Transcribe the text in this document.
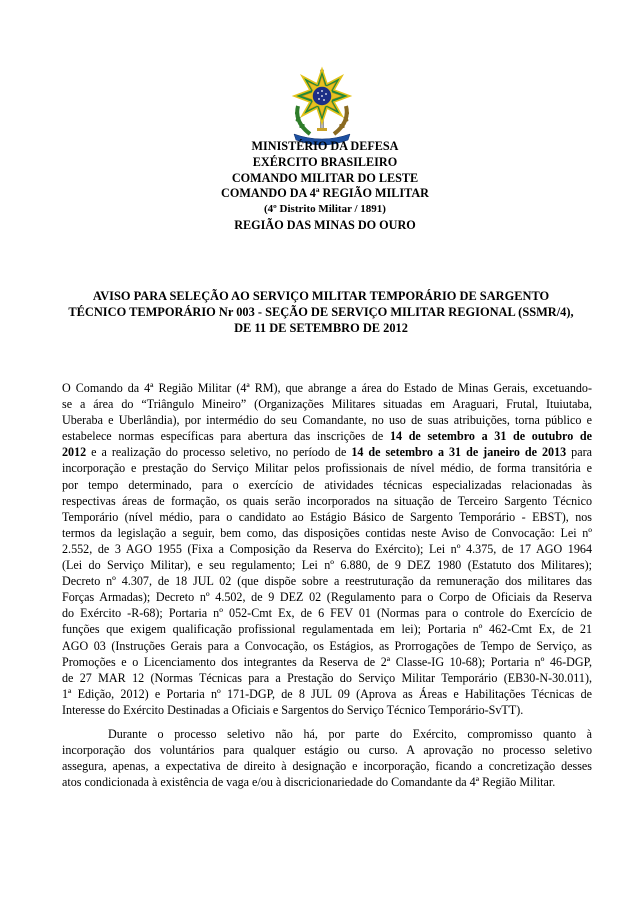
MINISTÉRIO DA DEFESA
EXÉRCITO BRASILEIRO
COMANDO MILITAR DO LESTE
COMANDO DA 4ª REGIÃO MILITAR
(4º Distrito Militar / 1891)
REGIÃO DAS MINAS DO OURO
AVISO PARA SELEÇÃO AO SERVIÇO MILITAR TEMPORÁRIO DE SARGENTO
TÉCNICO TEMPORÁRIO Nr 003 - SEÇÃO DE SERVIÇO MILITAR REGIONAL (SSMR/4),
DE 11 DE SETEMBRO DE 2012
O Comando da 4ª Região Militar (4ª RM), que abrange a área do Estado de Minas Gerais, excetuando-
se a área do “Triângulo Mineiro” (Organizações Militares situadas em Araguari, Frutal, Ituiutaba,
Uberaba e Uberlândia), por intermédio do seu Comandante, no uso de suas atribuições, torna público e
estabelece normas específicas para abertura das inscrições de 14 de setembro a 31 de outubro de
2012 e a realização do processo seletivo, no período de 14 de setembro a 31 de janeiro de 2013 para
incorporação e prestação do Serviço Militar pelos profissionais de nível médio, de forma transitória e
por tempo determinado, para o exercício de atividades técnicas especializadas relacionadas às
respectivas áreas de formação, os quais serão incorporados na situação de Terceiro Sargento Técnico
Temporário (nível médio, para o candidato ao Estágio Básico de Sargento Temporário - EBST), nos
termos da legislação a seguir, bem como, das disposições contidas neste Aviso de Convocação: Lei nº
2.552, de 3 AGO 1955 (Fixa a Composição da Reserva do Exército); Lei nº 4.375, de 17 AGO 1964
(Lei do Serviço Militar), e seu regulamento; Lei nº 6.880, de 9 DEZ 1980 (Estatuto dos Militares);
Decreto nº 4.307, de 18 JUL 02 (que dispõe sobre a reestruturação da remuneração dos militares das
Forças Armadas); Decreto nº 4.502, de 9 DEZ 02 (Regulamento para o Corpo de Oficiais da Reserva
do Exército -R-68); Portaria nº 052-Cmt Ex, de 6 FEV 01 (Normas para o controle do Exercício de
funções que exigem qualificação profissional regulamentada em lei); Portaria nº 462-Cmt Ex, de 21
AGO 03 (Instruções Gerais para a Convocação, os Estágios, as Prorrogações de Tempo de Serviço, as
Promoções e o Licenciamento dos integrantes da Reserva de 2ª Classe-IG 10-68); Portaria nº 46-DGP,
de 27 MAR 12 (Normas Técnicas para a Prestação do Serviço Militar Temporário (EB30-N-30.011),
1ª Edição, 2012) e Portaria nº 171-DGP, de 8 JUL 09 (Aprova as Áreas e Habilitações Técnicas de
Interesse do Exército Destinadas a Oficiais e Sargentos do Serviço Técnico Temporário-SvTT).
Durante o processo seletivo não há, por parte do Exército, compromisso quanto à
incorporação dos voluntários para qualquer estágio ou curso. A aprovação no processo seletivo
assegura, apenas, a expectativa de direito à designação e incorporação, ficando a concretização desses
atos condicionada à existência de vaga e/ou à discricionariedade do Comandante da 4ª Região Militar.
